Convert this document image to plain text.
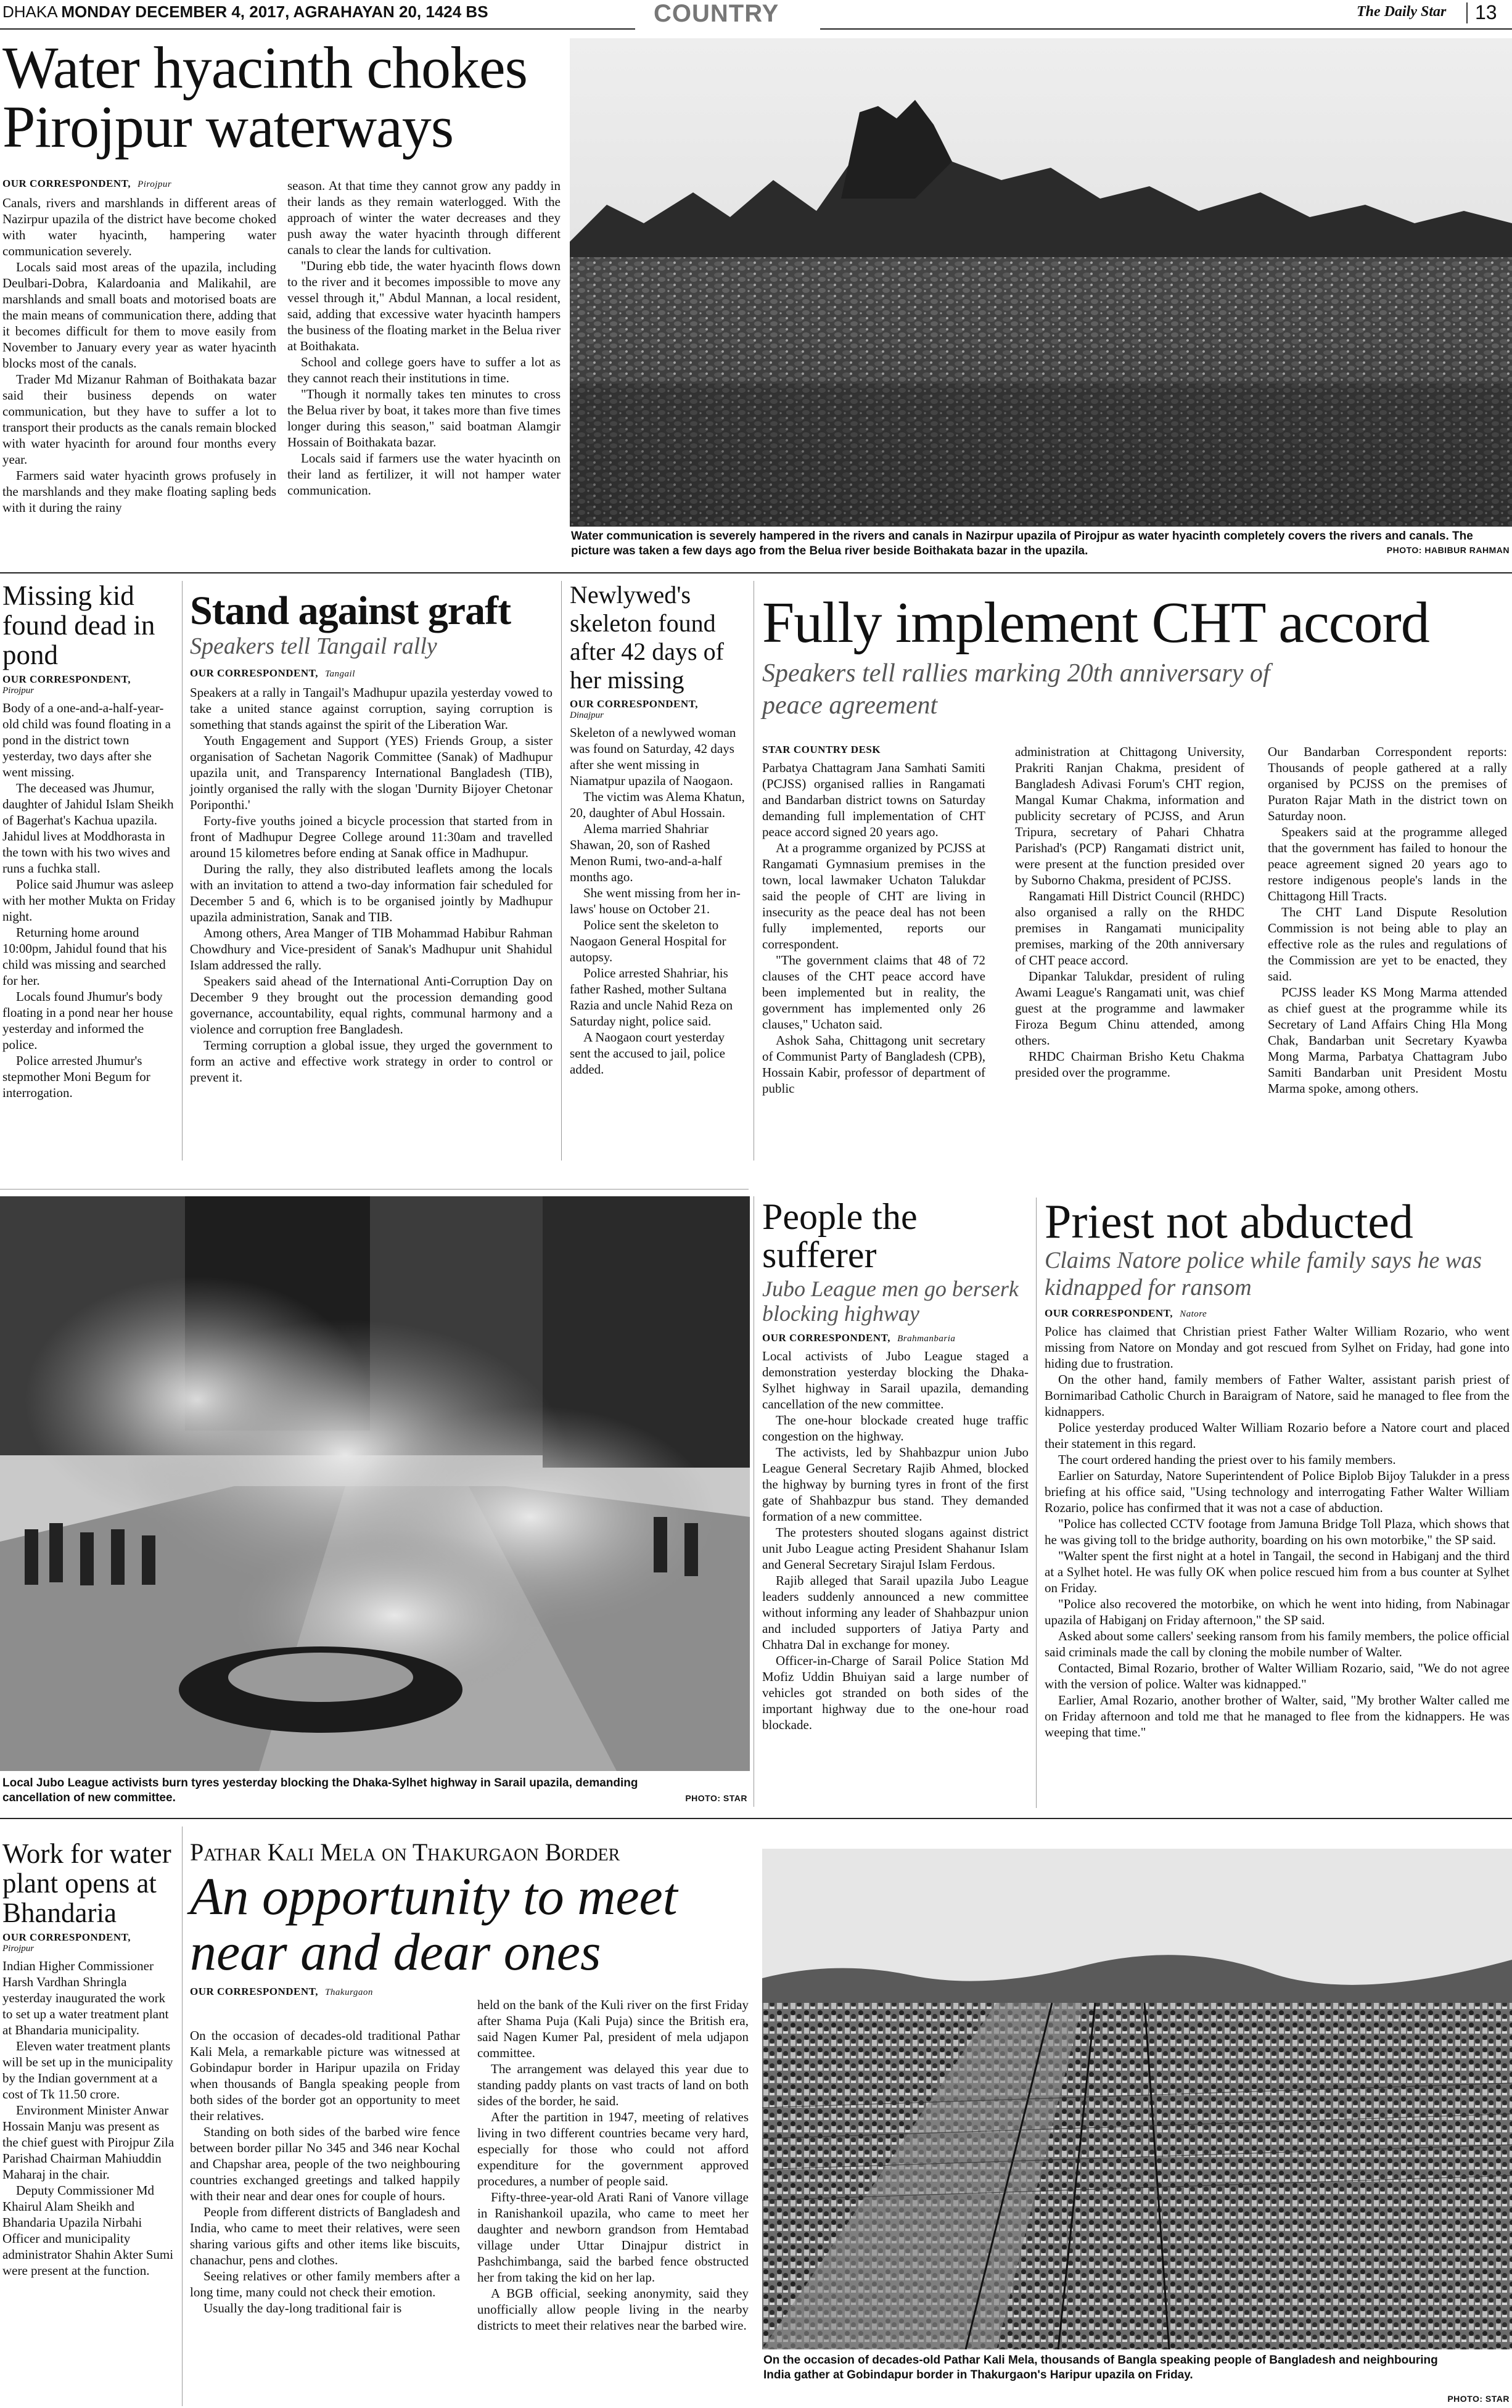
DHAKA MONDAY DECEMBER 4, 2017, AGRAHAYAN 20, 1424 BS	COUNTRY	The Daily Star 13
Water hyacinth chokes Pirojpur waterways
OUR CORRESPONDENT, Pirojpur

Canals, rivers and marshlands in different areas of Nazirpur upazila of the district have become choked with water hyacinth, hampering water communication severely.

Locals said most areas of the upazila, including Deulbari-Dobra, Kalardoania and Malikahil, are marshlands and small boats and motorised boats are the main means of communication there, adding that it becomes difficult for them to move easily from November to January every year as water hyacinth blocks most of the canals.

Trader Md Mizanur Rahman of Boithakata bazar said their business depends on water communication, but they have to suffer a lot to transport their products as the canals remain blocked with water hyacinth for around four months every year.

Farmers said water hyacinth grows profusely in the marshlands and they make floating sapling beds with it during the rainy

season. At that time they cannot grow any paddy in their lands as they remain waterlogged. With the approach of winter the water decreases and they push away the water hyacinth through different canals to clear the lands for cultivation.

"During ebb tide, the water hyacinth flows down to the river and it becomes impossible to move any vessel through it," Abdul Mannan, a local resident, said, adding that excessive water hyacinth hampers the business of the floating market in the Belua river at Boithakata.

School and college goers have to suffer a lot as they cannot reach their institutions in time.

"Though it normally takes ten minutes to cross the Belua river by boat, it takes more than five times longer during this season," said boatman Alamgir Hossain of Boithakata bazar.

Locals said if farmers use the water hyacinth on their land as fertilizer, it will not hamper water communication.

Water communication is severely hampered in the rivers and canals in Nazirpur upazila of Pirojpur as water hyacinth completely covers the rivers and canals. The picture was taken a few days ago from the Belua river beside Boithakata bazar in the upazila.	PHOTO: HABIBUR RAHMAN
Missing kid found dead in pond
OUR CORRESPONDENT,
Pirojpur

Body of a one-and-a-half-year-old child was found floating in a pond in the district town yesterday, two days after she went missing.

The deceased was Jhumur, daughter of Jahidul Islam Sheikh of Bagerhat's Kachua upazila. Jahidul lives at Moddhorasta in the town with his two wives and runs a fuchka stall.

Police said Jhumur was asleep with her mother Mukta on Friday night.

Returning home around 10:00pm, Jahidul found that his child was missing and searched for her.

Locals found Jhumur's body floating in a pond near her house yesterday and informed the police.

Police arrested Jhumur's stepmother Moni Begum for interrogation.

Stand against graft
Speakers tell Tangail rally
OUR CORRESPONDENT, Tangail

Speakers at a rally in Tangail's Madhupur upazila yesterday vowed to take a united stance against corruption, saying corruption is something that stands against the spirit of the Liberation War.

Youth Engagement and Support (YES) Friends Group, a sister organisation of Sachetan Nagorik Committee (Sanak) of Madhupur upazila unit, and Transparency International Bangladesh (TIB), jointly organised the rally with the slogan 'Durnity Bijoyer Chetonar Poriponthi.'

Forty-five youths joined a bicycle procession that started from in front of Madhupur Degree College around 11:30am and travelled around 15 kilometres before ending at Sanak office in Madhupur.

During the rally, they also distributed leaflets among the locals with an invitation to attend a two-day information fair scheduled for December 5 and 6, which is to be organised jointly by Madhupur upazila administration, Sanak and TIB.

Among others, Area Manger of TIB Mohammad Habibur Rahman Chowdhury and Vice-president of Sanak's Madhupur unit Shahidul Islam addressed the rally.

Speakers said ahead of the International Anti-Corruption Day on December 9 they brought out the procession demanding good governance, accountability, equal rights, communal harmony and a violence and corruption free Bangladesh.

Terming corruption a global issue, they urged the government to form an active and effective work strategy in order to control or prevent it.

Newlywed's skeleton found after 42 days of her missing
OUR CORRESPONDENT,
Dinajpur

Skeleton of a newlywed woman was found on Saturday, 42 days after she went missing in Niamatpur upazila of Naogaon.

The victim was Alema Khatun, 20, daughter of Abul Hossain.

Alema married Shahriar Shawan, 20, son of Rashed Menon Rumi, two-and-a-half months ago.

She went missing from her in-laws' house on October 21.

Police sent the skeleton to Naogaon General Hospital for autopsy.

Police arrested Shahriar, his father Rashed, mother Sultana Razia and uncle Nahid Reza on Saturday night, police said.

A Naogaon court yesterday sent the accused to jail, police added.

Fully implement CHT accord
Speakers tell rallies marking 20th anniversary of peace agreement
STAR COUNTRY DESK

Parbatya Chattagram Jana Samhati Samiti (PCJSS) organised rallies in Rangamati and Bandarban district towns on Saturday demanding full implementation of CHT peace accord signed 20 years ago.

At a programme organized by PCJSS at Rangamati Gymnasium premises in the town, local lawmaker Uchaton Talukdar said the people of CHT are living in insecurity as the peace deal has not been fully implemented, reports our correspondent.

"The government claims that 48 of 72 clauses of the CHT peace accord have been implemented but in reality, the government has implemented only 26 clauses," Uchaton said.

Ashok Saha, Chittagong unit secretary of Communist Party of Bangladesh (CPB), Hossain Kabir, professor of department of public

administration at Chittagong University, Prakriti Ranjan Chakma, president of Bangladesh Adivasi Forum's CHT region, Mangal Kumar Chakma, information and publicity secretary of PCJSS, and Arun Tripura, secretary of Pahari Chhatra Parishad's (PCP) Rangamati district unit, were present at the function presided over by Suborno Chakma, president of PCJSS.

Rangamati Hill District Council (RHDC) also organised a rally on the RHDC premises in Rangamati municipality premises, marking of the 20th anniversary of CHT peace accord.

Dipankar Talukdar, president of ruling Awami League's Rangamati unit, was chief guest at the programme and lawmaker Firoza Begum Chinu attended, among others.

RHDC Chairman Brisho Ketu Chakma presided over the programme.

Our Bandarban Correspondent reports: Thousands of people gathered at a rally organised by PCJSS on the premises of Puraton Rajar Math in the district town on Saturday noon.

Speakers said at the programme alleged that the government has failed to honour the peace agreement signed 20 years ago to restore indigenous people's lands in the Chittagong Hill Tracts.

The CHT Land Dispute Resolution Commission is not being able to play an effective role as the rules and regulations of the Commission are yet to be enacted, they said.

PCJSS leader KS Mong Marma attended as chief guest at the programme while its Secretary of Land Affairs Ching Hla Mong Chak, Bandarban unit Secretary Kyawba Mong Marma, Parbatya Chattagram Jubo Samiti Bandarban unit President Mostu Marma spoke, among others.

Local Jubo League activists burn tyres yesterday blocking the Dhaka-Sylhet highway in Sarail upazila, demanding cancellation of new committee.	PHOTO: STAR
People the sufferer
Jubo League men go berserk blocking highway
OUR CORRESPONDENT, Brahmanbaria

Local activists of Jubo League staged a demonstration yesterday blocking the Dhaka-Sylhet highway in Sarail upazila, demanding cancellation of the new committee.

The one-hour blockade created huge traffic congestion on the highway.

The activists, led by Shahbazpur union Jubo League General Secretary Rajib Ahmed, blocked the highway by burning tyres in front of the first gate of Shahbazpur bus stand. They demanded formation of a new committee.

The protesters shouted slogans against district unit Jubo League acting President Shahanur Islam and General Secretary Sirajul Islam Ferdous.

Rajib alleged that Sarail upazila Jubo League leaders suddenly announced a new committee without informing any leader of Shahbazpur union and included supporters of Jatiya Party and Chhatra Dal in exchange for money.

Officer-in-Charge of Sarail Police Station Md Mofiz Uddin Bhuiyan said a large number of vehicles got stranded on both sides of the important highway due to the one-hour road blockade.

Priest not abducted
Claims Natore police while family says he was kidnapped for ransom
OUR CORRESPONDENT, Natore

Police has claimed that Christian priest Father Walter William Rozario, who went missing from Natore on Monday and got rescued from Sylhet on Friday, had gone into hiding due to frustration.

On the other hand, family members of Father Walter, assistant parish priest of Bornimaribad Catholic Church in Baraigram of Natore, said he managed to flee from the kidnappers.

Police yesterday produced Walter William Rozario before a Natore court and placed their statement in this regard.

The court ordered handing the priest over to his family members.

Earlier on Saturday, Natore Superintendent of Police Biplob Bijoy Talukder in a press briefing at his office said, "Using technology and interrogating Father Walter William Rozario, police has confirmed that it was not a case of abduction.

"Police has collected CCTV footage from Jamuna Bridge Toll Plaza, which shows that he was giving toll to the bridge authority, boarding on his own motorbike," the SP said.

"Walter spent the first night at a hotel in Tangail, the second in Habiganj and the third at a Sylhet hotel. He was fully OK when police rescued him from a bus counter at Sylhet on Friday.

"Police also recovered the motorbike, on which he went into hiding, from Nabinagar upazila of Habiganj on Friday afternoon," the SP said.

Asked about some callers' seeking ransom from his family members, the police official said criminals made the call by cloning the mobile number of Walter.

Contacted, Bimal Rozario, brother of Walter William Rozario, said, "We do not agree with the version of police. Walter was kidnapped."

Earlier, Amal Rozario, another brother of Walter, said, "My brother Walter called me on Friday afternoon and told me that he managed to flee from the kidnappers. He was weeping that time."

Work for water plant opens at Bhandaria
OUR CORRESPONDENT,
Pirojpur

Indian Higher Commissioner Harsh Vardhan Shringla yesterday inaugurated the work to set up a water treatment plant at Bhandaria municipality.

Eleven water treatment plants will be set up in the municipality by the Indian government at a cost of Tk 11.50 crore.

Environment Minister Anwar Hossain Manju was present as the chief guest with Pirojpur Zila Parishad Chairman Mahiuddin Maharaj in the chair.

Deputy Commissioner Md Khairul Alam Sheikh and Bhandaria Upazila Nirbahi Officer and municipality administrator Shahin Akter Sumi were present at the function.

Pathar Kali Mela on Thakurgaon Border
An opportunity to meet near and dear ones
OUR CORRESPONDENT, Thakurgaon

On the occasion of decades-old traditional Pathar Kali Mela, a remarkable picture was witnessed at Gobindapur border in Haripur upazila on Friday when thousands of Bangla speaking people from both sides of the border got an opportunity to meet their relatives.

Standing on both sides of the barbed wire fence between border pillar No 345 and 346 near Kochal and Chapshar area, people of the two neighbouring countries exchanged greetings and talked happily with their near and dear ones for couple of hours.

People from different districts of Bangladesh and India, who came to meet their relatives, were seen sharing various gifts and other items like biscuits, chanachur, pens and clothes.

Seeing relatives or other family members after a long time, many could not check their emotion.

Usually the day-long traditional fair is

held on the bank of the Kuli river on the first Friday after Shama Puja (Kali Puja) since the British era, said Nagen Kumer Pal, president of mela udjapon committee.

The arrangement was delayed this year due to standing paddy plants on vast tracts of land on both sides of the border, he said.

After the partition in 1947, meeting of relatives living in two different countries became very hard, especially for those who could not afford expenditure for the government approved procedures, a number of people said.

Fifty-three-year-old Arati Rani of Vanore village in Ranishankoil upazila, who came to meet her daughter and newborn grandson from Hemtabad village under Uttar Dinajpur district in Pashchimbanga, said the barbed fence obstructed her from taking the kid on her lap.

A BGB official, seeking anonymity, said they unofficially allow people living in the nearby districts to meet their relatives near the barbed wire.

On the occasion of decades-old Pathar Kali Mela, thousands of Bangla speaking people of Bangladesh and neighbouring India gather at Gobindapur border in Thakurgaon's Haripur upazila on Friday.
PHOTO: STAR
